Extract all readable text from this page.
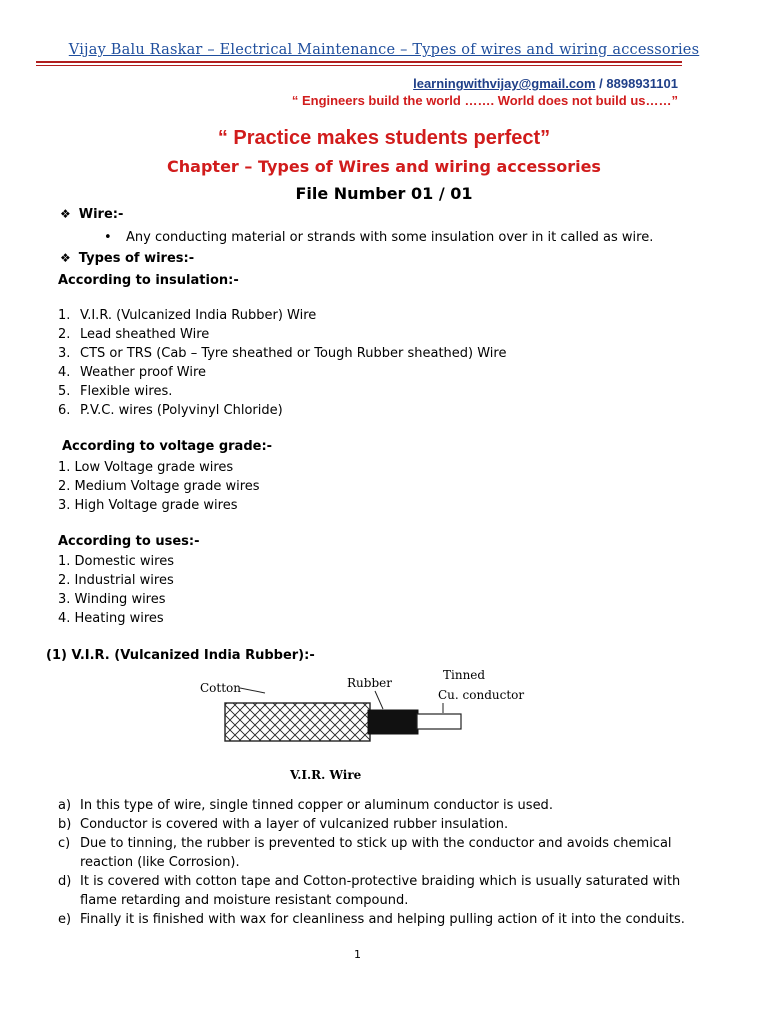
Vijay Balu Raskar – Electrical Maintenance – Types of wires and wiring accessories
learningwithvijay@gmail.com / 8898931101
“ Engineers build the world ……. World does not build us……”
“ Practice makes students perfect”
Chapter – Types of Wires and wiring accessories
File Number 01 / 01
❖ Wire:-
• Any conducting material or strands with some insulation over in it called as wire.
❖ Types of wires:-
According to insulation:-
1. V.I.R. (Vulcanized India Rubber) Wire
2. Lead sheathed Wire
3. CTS or TRS (Cab – Tyre sheathed or Tough Rubber sheathed) Wire
4. Weather proof Wire
5. Flexible wires.
6. P.V.C. wires (Polyvinyl Chloride)
According to voltage grade:-
1. Low Voltage grade wires
2. Medium Voltage grade wires
3. High Voltage grade wires
According to uses:-
1. Domestic wires
2. Industrial wires
3. Winding wires
4. Heating wires
(1) V.I.R. (Vulcanized India Rubber):-
Cotton	Rubber
Tinned
Cu. conductor
V.I.R. Wire
a) In this type of wire, single tinned copper or aluminum conductor is used.
b) Conductor is covered with a layer of vulcanized rubber insulation.
c) Due to tinning, the rubber is prevented to stick up with the conductor and avoids chemical
reaction (like Corrosion).
d) It is covered with cotton tape and Cotton-protective braiding which is usually saturated with
flame retarding and moisture resistant compound.
e) Finally it is finished with wax for cleanliness and helping pulling action of it into the conduits.
1
